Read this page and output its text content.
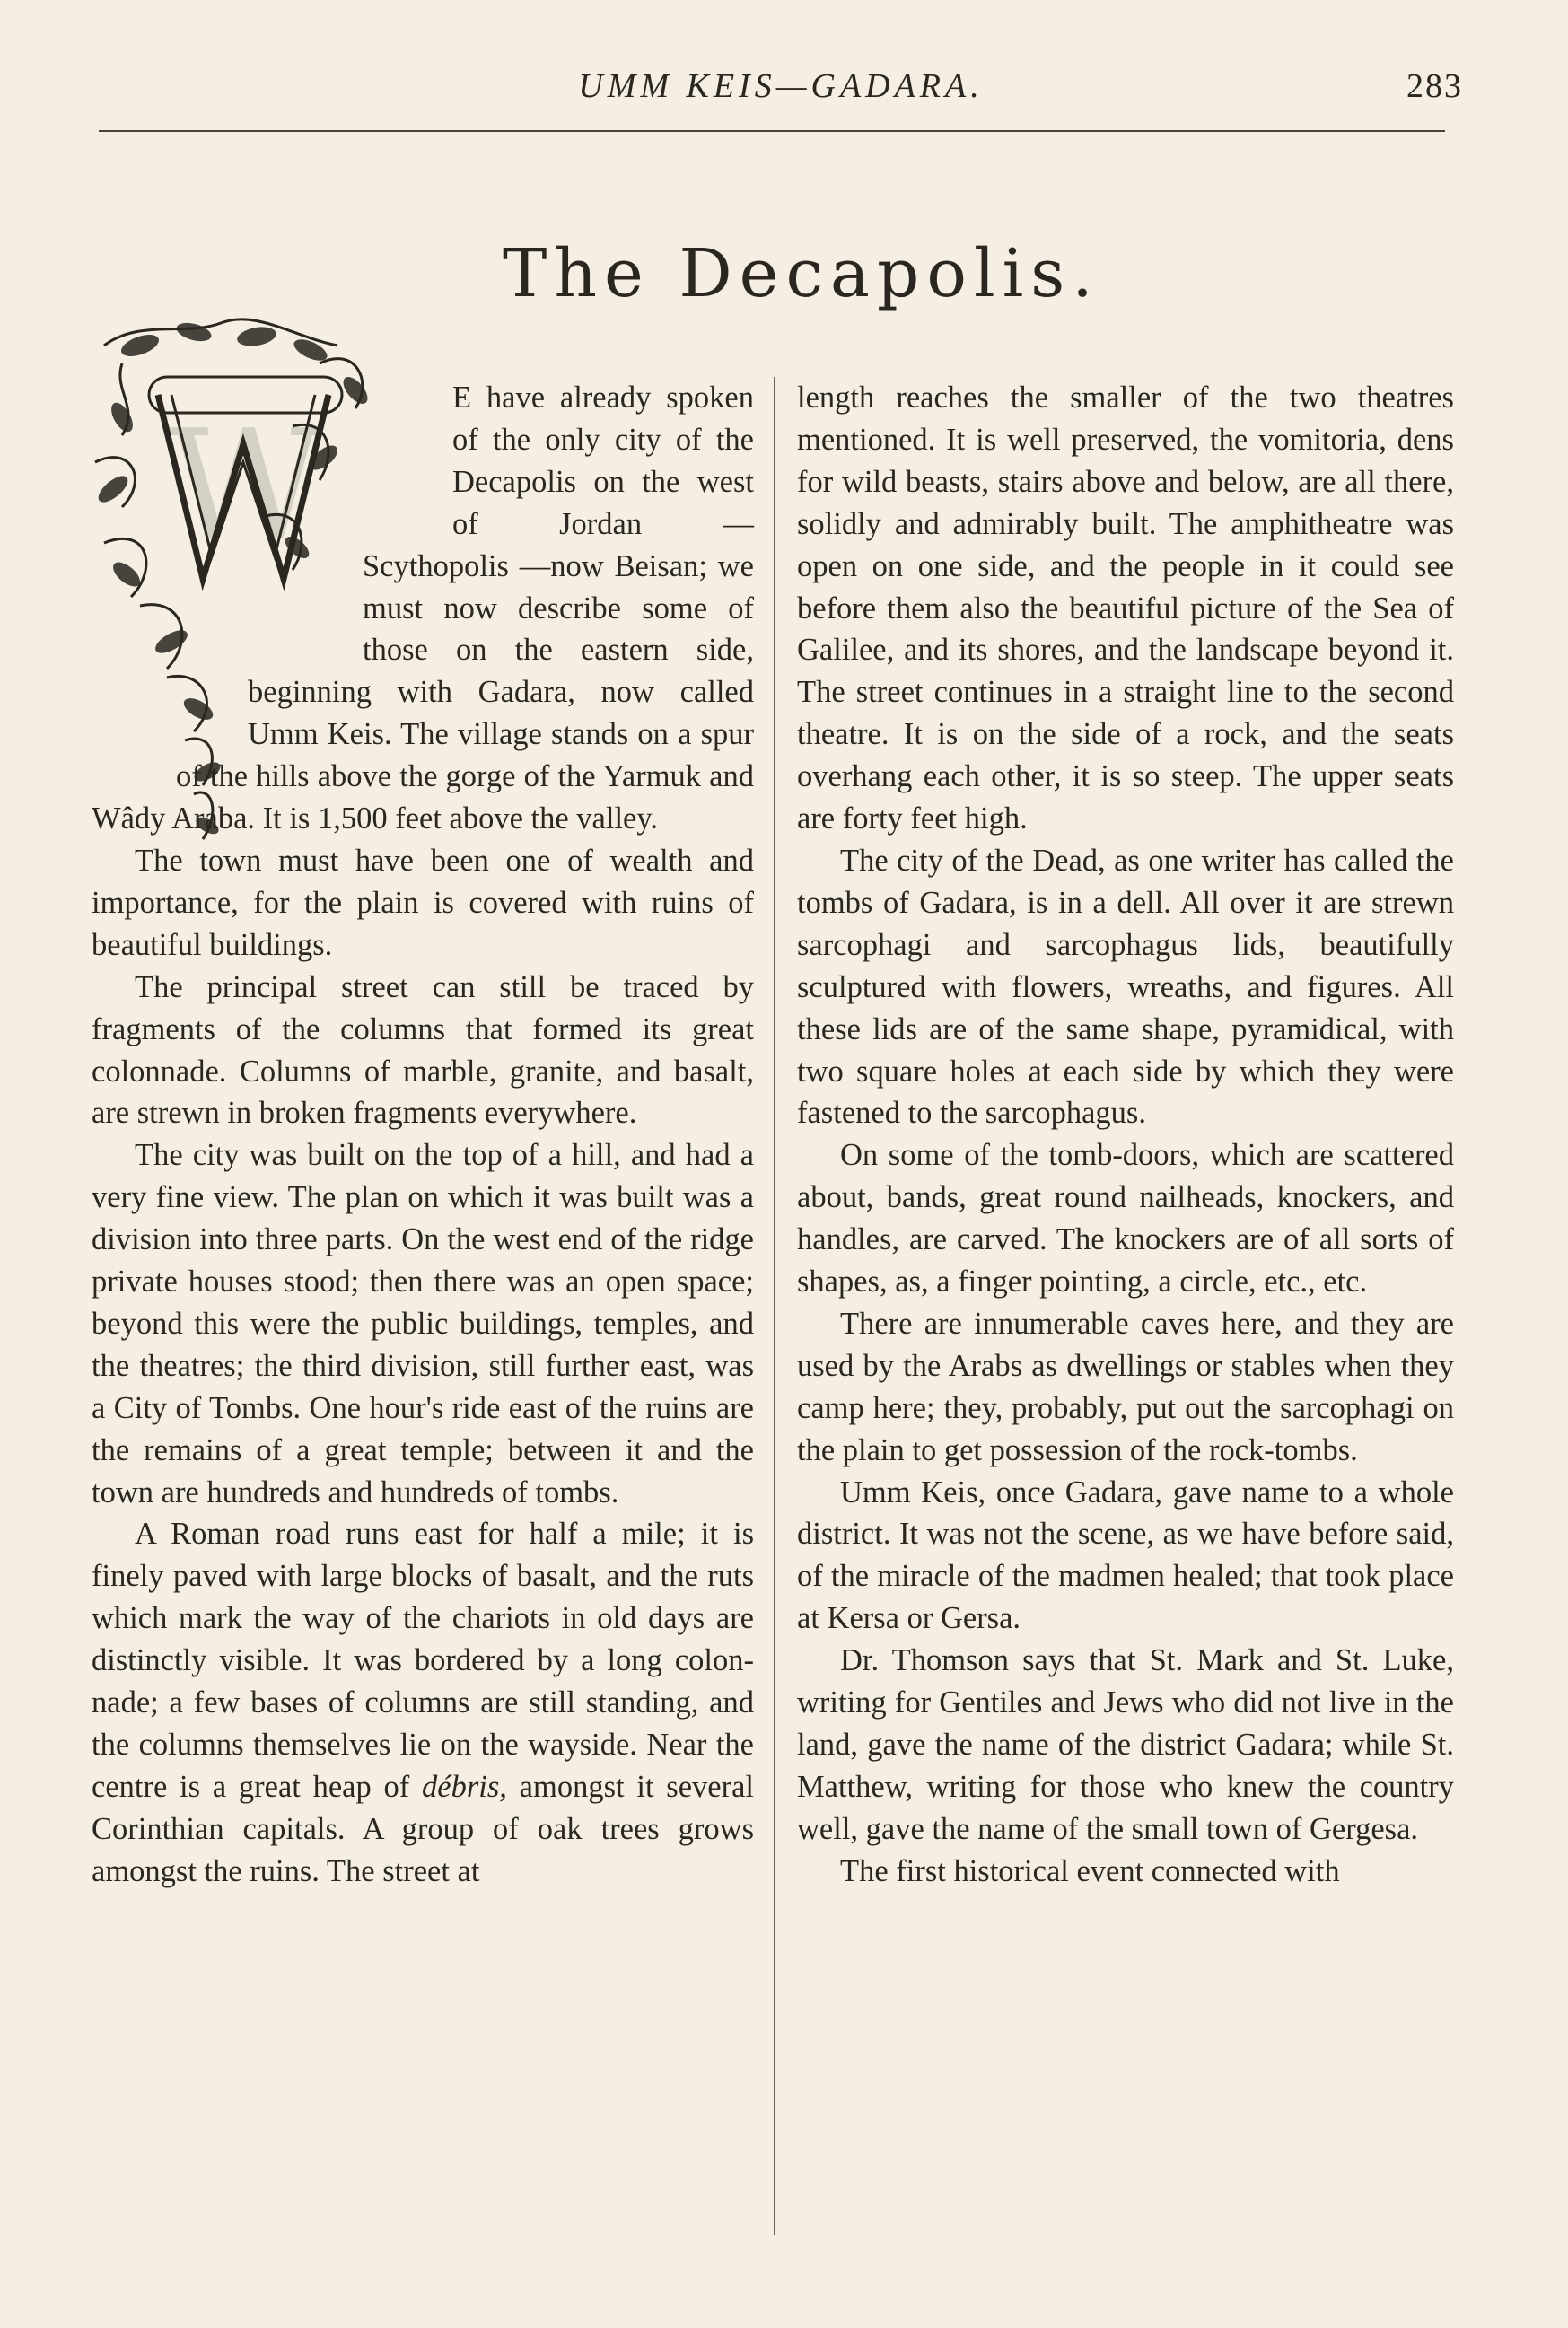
UMM KEIS—GADARA.	283
The Decapolis.
W	E have already spoken of the only city of the Decapolis on the west of Jordan — Scythopolis —now Beisan; we must now describe some of those on the eastern side, beginning with Gadara, now called Umm Keis. The village stands on a spur of the hills above the gorge of the Yarmuk and Wâdy Araba. It is 1,500 feet above the valley.

The town must have been one of wealth and importance, for the plain is covered with ruins of beautiful buildings.

The principal street can still be traced by fragments of the columns that formed its great colonnade. Columns of marble, granite, and basalt, are strewn in broken fragments everywhere.

The city was built on the top of a hill, and had a very fine view. The plan on which it was built was a division into three parts. On the west end of the ridge private houses stood; then there was an open space; beyond this were the public buildings, temples, and the theatres; the third division, still further east, was a City of Tombs. One hour's ride east of the ruins are the remains of a great temple; between it and the town are hundreds and hundreds of tombs.

A Roman road runs east for half a mile; it is finely paved with large blocks of basalt, and the ruts which mark the way of the chariots in old days are distinctly visible. It was bordered by a long colonnade; a few bases of columns are still standing, and the columns themselves lie on the wayside. Near the centre is a great heap of débris, amongst it several Corinthian capitals. A group of oak trees grows amongst the ruins. The street at

length reaches the smaller of the two theatres mentioned. It is well preserved, the vomitoria, dens for wild beasts, stairs above and below, are all there, solidly and admirably built. The amphitheatre was open on one side, and the people in it could see before them also the beautiful picture of the Sea of Galilee, and its shores, and the landscape beyond it. The street continues in a straight line to the second theatre. It is on the side of a rock, and the seats overhang each other, it is so steep. The upper seats are forty feet high.

The city of the Dead, as one writer has called the tombs of Gadara, is in a dell. All over it are strewn sarcophagi and sarcophagus lids, beautifully sculptured with flowers, wreaths, and figures. All these lids are of the same shape, pyramidical, with two square holes at each side by which they were fastened to the sarcophagus.

On some of the tomb-doors, which are scattered about, bands, great round nailheads, knockers, and handles, are carved. The knockers are of all sorts of shapes, as, a finger pointing, a circle, etc., etc.

There are innumerable caves here, and they are used by the Arabs as dwellings or stables when they camp here; they, probably, put out the sarcophagi on the plain to get possession of the rock-tombs.

Umm Keis, once Gadara, gave name to a whole district. It was not the scene, as we have before said, of the miracle of the madmen healed; that took place at Kersa or Gersa.

Dr. Thomson says that St. Mark and St. Luke, writing for Gentiles and Jews who did not live in the land, gave the name of the district Gadara; while St. Matthew, writing for those who knew the country well, gave the name of the small town of Gergesa.

The first historical event connected with
